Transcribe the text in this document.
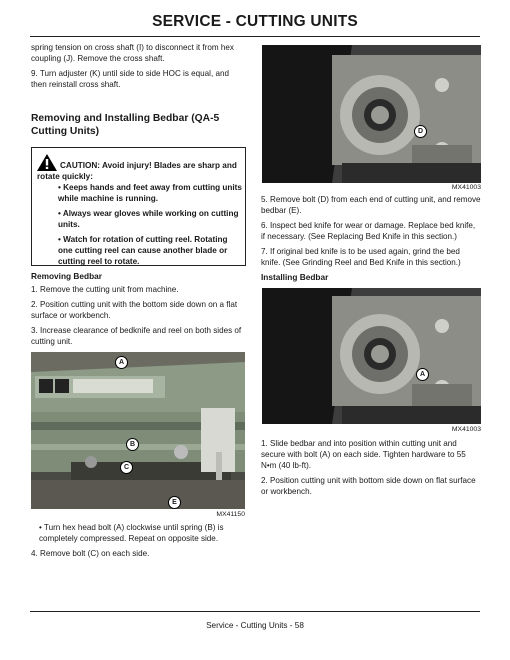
SERVICE - CUTTING UNITS

spring tension on cross shaft (I) to disconnect it from hex coupling (J). Remove the cross shaft.

9. Turn adjuster (K) until side to side HOC is equal, and then reinstall cross shaft.

Removing and Installing Bedbar (QA-5 Cutting Units)
CAUTION: Avoid injury! Blades are sharp and rotate quickly:
• Keeps hands and feet away from cutting units while machine is running.
• Always wear gloves while working on cutting units.
• Watch for rotation of cutting reel. Rotating one cutting reel can cause another blade or cutting reel to rotate.
Removing Bedbar

1. Remove the cutting unit from machine.

2. Position cutting unit with the bottom side down on a flat surface or workbench.

3. Increase clearance of bedknife and reel on both sides of cutting unit.

A
B
C
E
MX41150

• Turn hex head bolt (A) clockwise until spring (B) is completely compressed. Repeat on opposite side.

4. Remove bolt (C) on each side.

D
MX41003

5. Remove bolt (D) from each end of cutting unit, and remove bedbar (E).

6. Inspect bed knife for wear or damage. Replace bed knife, if necessary. (See Replacing Bed Knife in this section.)

7. If original bed knife is to be used again, grind the bed knife. (See Grinding Reel and Bed Knife in this section.)

Installing Bedbar
A
MX41003

1. Slide bedbar and into position within cutting unit and secure with bolt (A) on each side. Tighten hardware to 55 N•m (40 lb-ft).

2. Position cutting unit with bottom side down on flat surface or workbench.

Service - Cutting Units - 58
